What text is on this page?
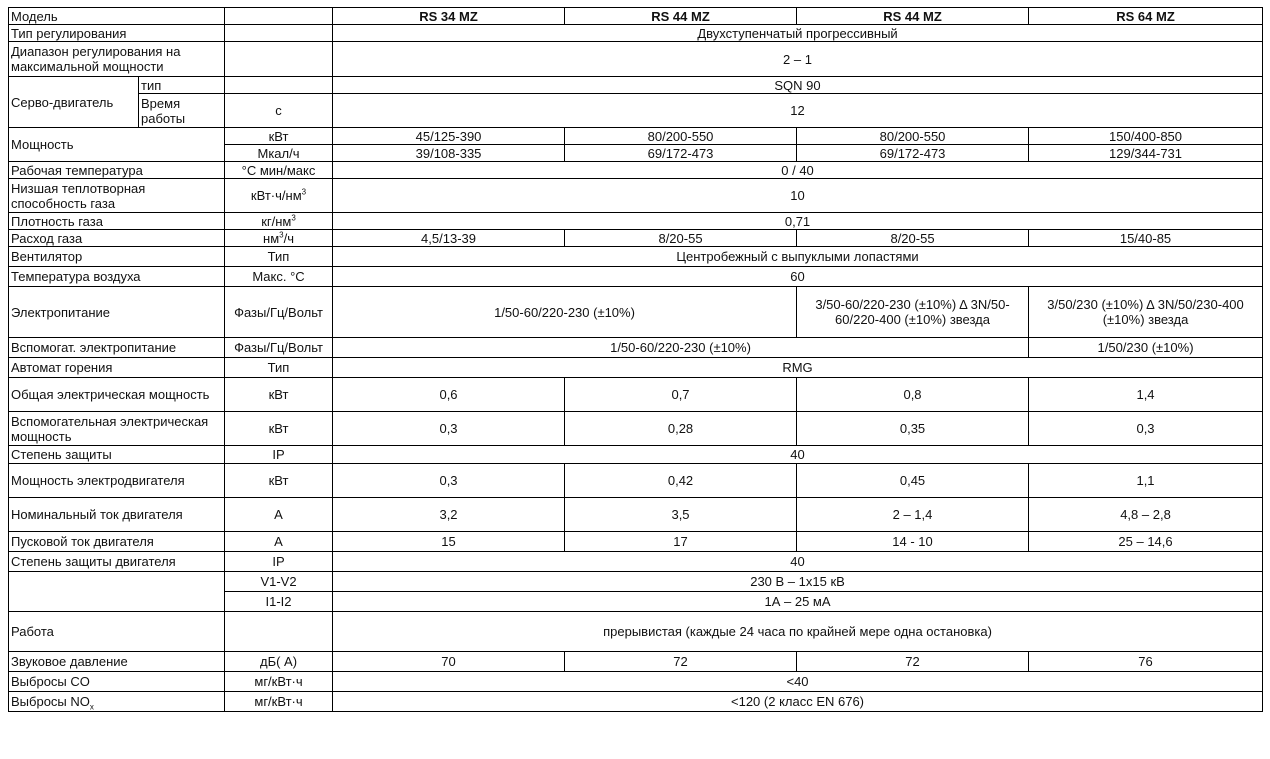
Модель			RS 34 MZ	RS 44 MZ	RS 44 MZ	RS 64 MZ
Тип регулирования			Двухступенчатый прогрессивный			
Диапазон регулирования на максимальной мощности			2 – 1			
Серво-двигатель	тип		SQN 90			
	Время работы	с	12			
Мощность		кВт	45/125-390	80/200-550	80/200-550	150/400-850
		Мкал/ч	39/108-335	69/172-473	69/172-473	129/344-731
Рабочая температура		°C мин/макс	0 / 40			
Низшая теплотворная способность газа		$кВт\cdot ч/нм^3$	10			
Плотность газа		$кг/нм^3$	0,71			
Расход газа		$нм^3/ч$	4,5/13-39	8/20-55	8/20-55	15/40-85
Вентилятор		Тип	Центробежный с выпуклыми лопастями			
Температура воздуха		Макс. °C	60			
Электропитание		Фазы/Гц/Вольт	1/50-60/220-230 (±10%)		3/50-60/220-230 (±10%) Δ 3N/50-60/220-400 (±10%) звезда	3/50/230 (±10%) Δ 3N/50/230-400 (±10%) звезда
Вспомогат. электропитание		Фазы/Гц/Вольт	1/50-60/220-230 (±10%)			1/50/230 (±10%)
Автомат горения		Тип	RMG			
Общая электрическая мощность		кВт	0,6	0,7	0,8	1,4
Вспомогательная электрическая мощность		кВт	0,3	0,28	0,35	0,3
Степень защиты		IP	40			
Мощность электродвигателя		кВт	0,3	0,42	0,45	1,1
Номинальный ток двигателя		A	3,2	3,5	2 – 1,4	4,8 – 2,8
Пусковой ток двигателя		A	15	17	14 - 10	25 – 14,6
Степень защиты двигателя		IP	40			
		V1-V2	230 В – 1x15 кВ			
		I1-I2	1А – 25 мА			
Работа			прерывистая (каждые 24 часа по крайней мере одна остановка)			
Звуковое давление		дБ( A)	70	72	72	76
Выбросы CO		мг/кВт·ч	<40			
Выбросы $NO_x$		мг/кВт·ч	<120 (2 класс EN 676)			
